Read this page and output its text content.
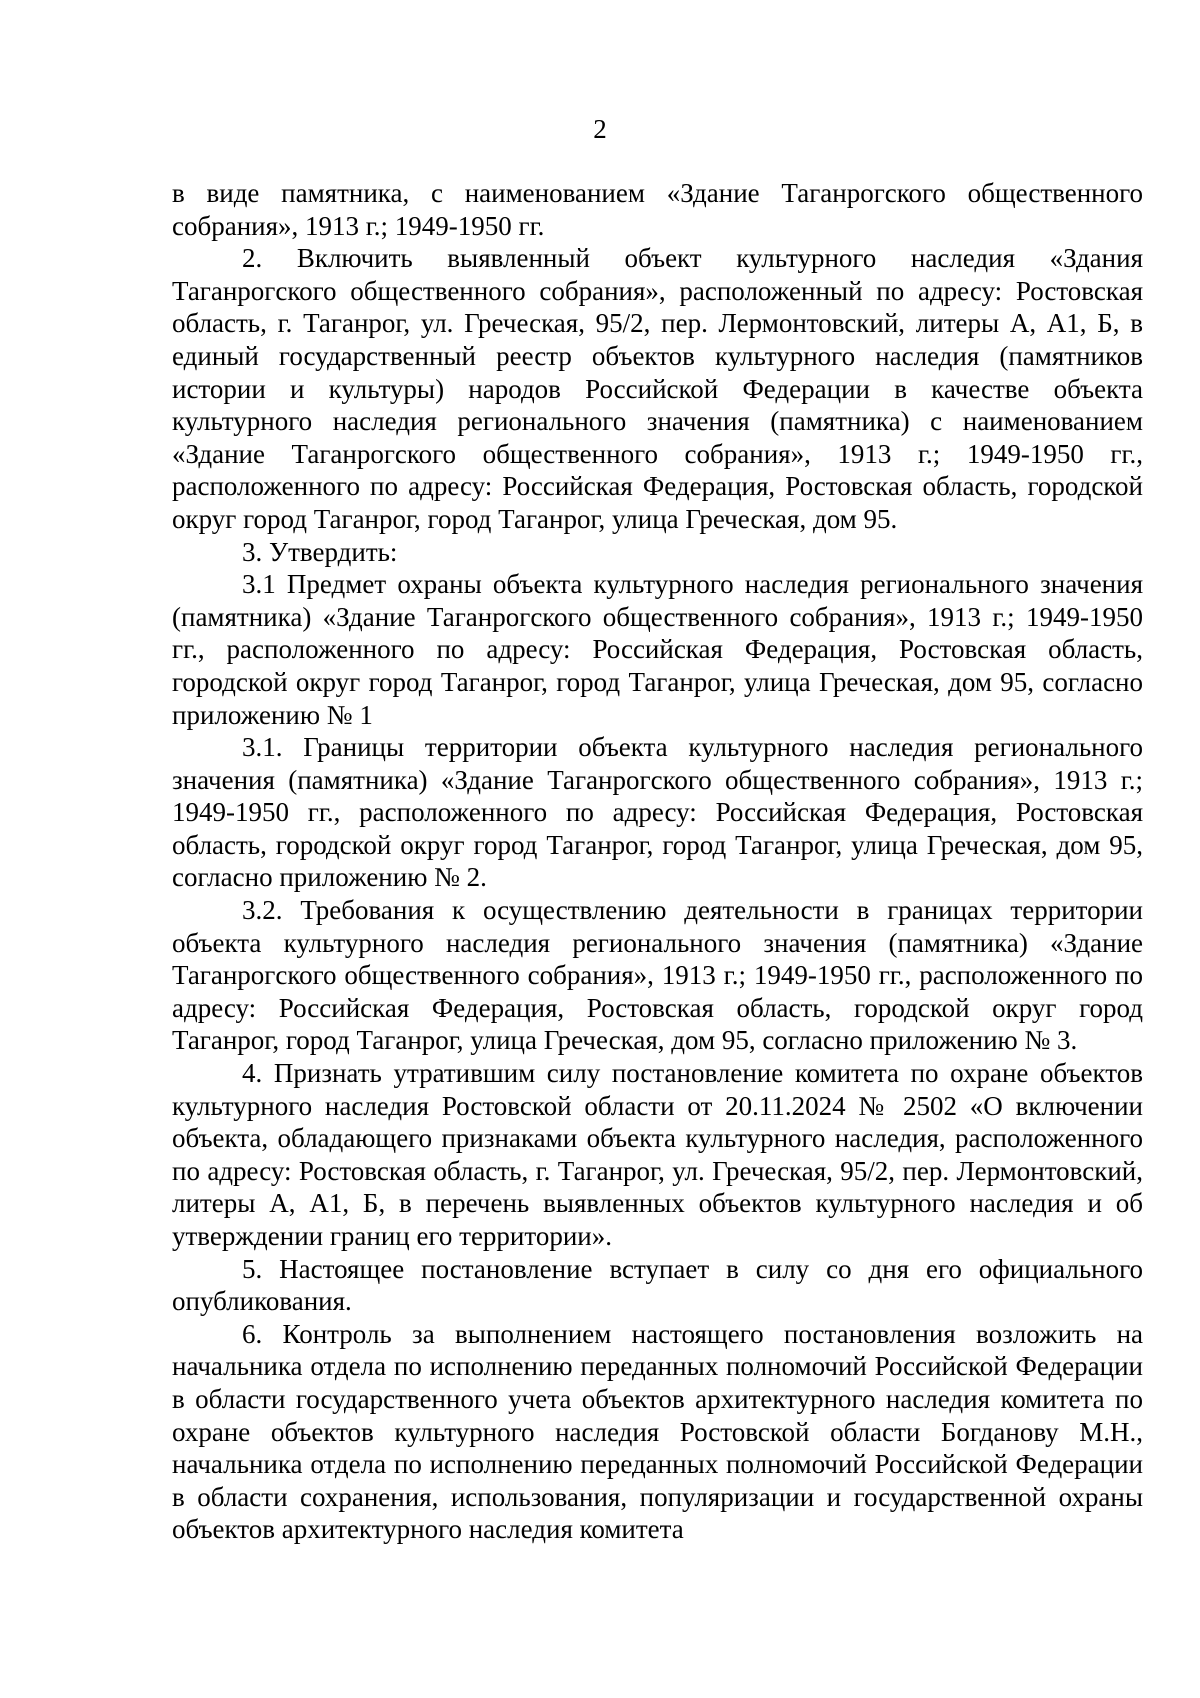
2

в виде памятника, с наименованием «Здание Таганрогского общественного собрания», 1913 г.; 1949-1950 гг.

2. Включить выявленный объект культурного наследия «Здания Таганрогского общественного собрания», расположенный по адресу: Ростовская область, г. Таганрог, ул. Греческая, 95/2, пер. Лермонтовский, литеры А, А1, Б, в единый государственный реестр объектов культурного наследия (памятников истории и культуры) народов Российской Федерации в качестве объекта культурного наследия регионального значения (памятника) с наименованием «Здание Таганрогского общественного собрания», 1913 г.; 1949-1950 гг., расположенного по адресу: Российская Федерация, Ростовская область, городской округ город Таганрог, город Таганрог, улица Греческая, дом 95.

3. Утвердить:

3.1 Предмет охраны объекта культурного наследия регионального значения (памятника) «Здание Таганрогского общественного собрания», 1913 г.; 1949-1950 гг., расположенного по адресу: Российская Федерация, Ростовская область, городской округ город Таганрог, город Таганрог, улица Греческая, дом 95, согласно приложению № 1

3.1. Границы территории объекта культурного наследия регионального значения (памятника) «Здание Таганрогского общественного собрания», 1913 г.; 1949-1950 гг., расположенного по адресу: Российская Федерация, Ростовская область, городской округ город Таганрог, город Таганрог, улица Греческая, дом 95, согласно приложению № 2.

3.2. Требования к осуществлению деятельности в границах территории объекта культурного наследия регионального значения (памятника) «Здание Таганрогского общественного собрания», 1913 г.; 1949-1950 гг., расположенного по адресу: Российская Федерация, Ростовская область, городской округ город Таганрог, город Таганрог, улица Греческая, дом 95, согласно приложению № 3.

4. Признать утратившим силу постановление комитета по охране объектов культурного наследия Ростовской области от 20.11.2024 № 2502 «О включении объекта, обладающего признаками объекта культурного наследия, расположенного по адресу: Ростовская область, г. Таганрог, ул. Греческая, 95/2, пер. Лермонтовский, литеры А, А1, Б, в перечень выявленных объектов культурного наследия и об утверждении границ его территории».

5. Настоящее постановление вступает в силу со дня его официального опубликования.

6. Контроль за выполнением настоящего постановления возложить на начальника отдела по исполнению переданных полномочий Российской Федерации в области государственного учета объектов архитектурного наследия комитета по охране объектов культурного наследия Ростовской области Богданову М.Н., начальника отдела по исполнению переданных полномочий Российской Федерации в области сохранения, использования, популяризации и государственной охраны объектов архитектурного наследия комитета
